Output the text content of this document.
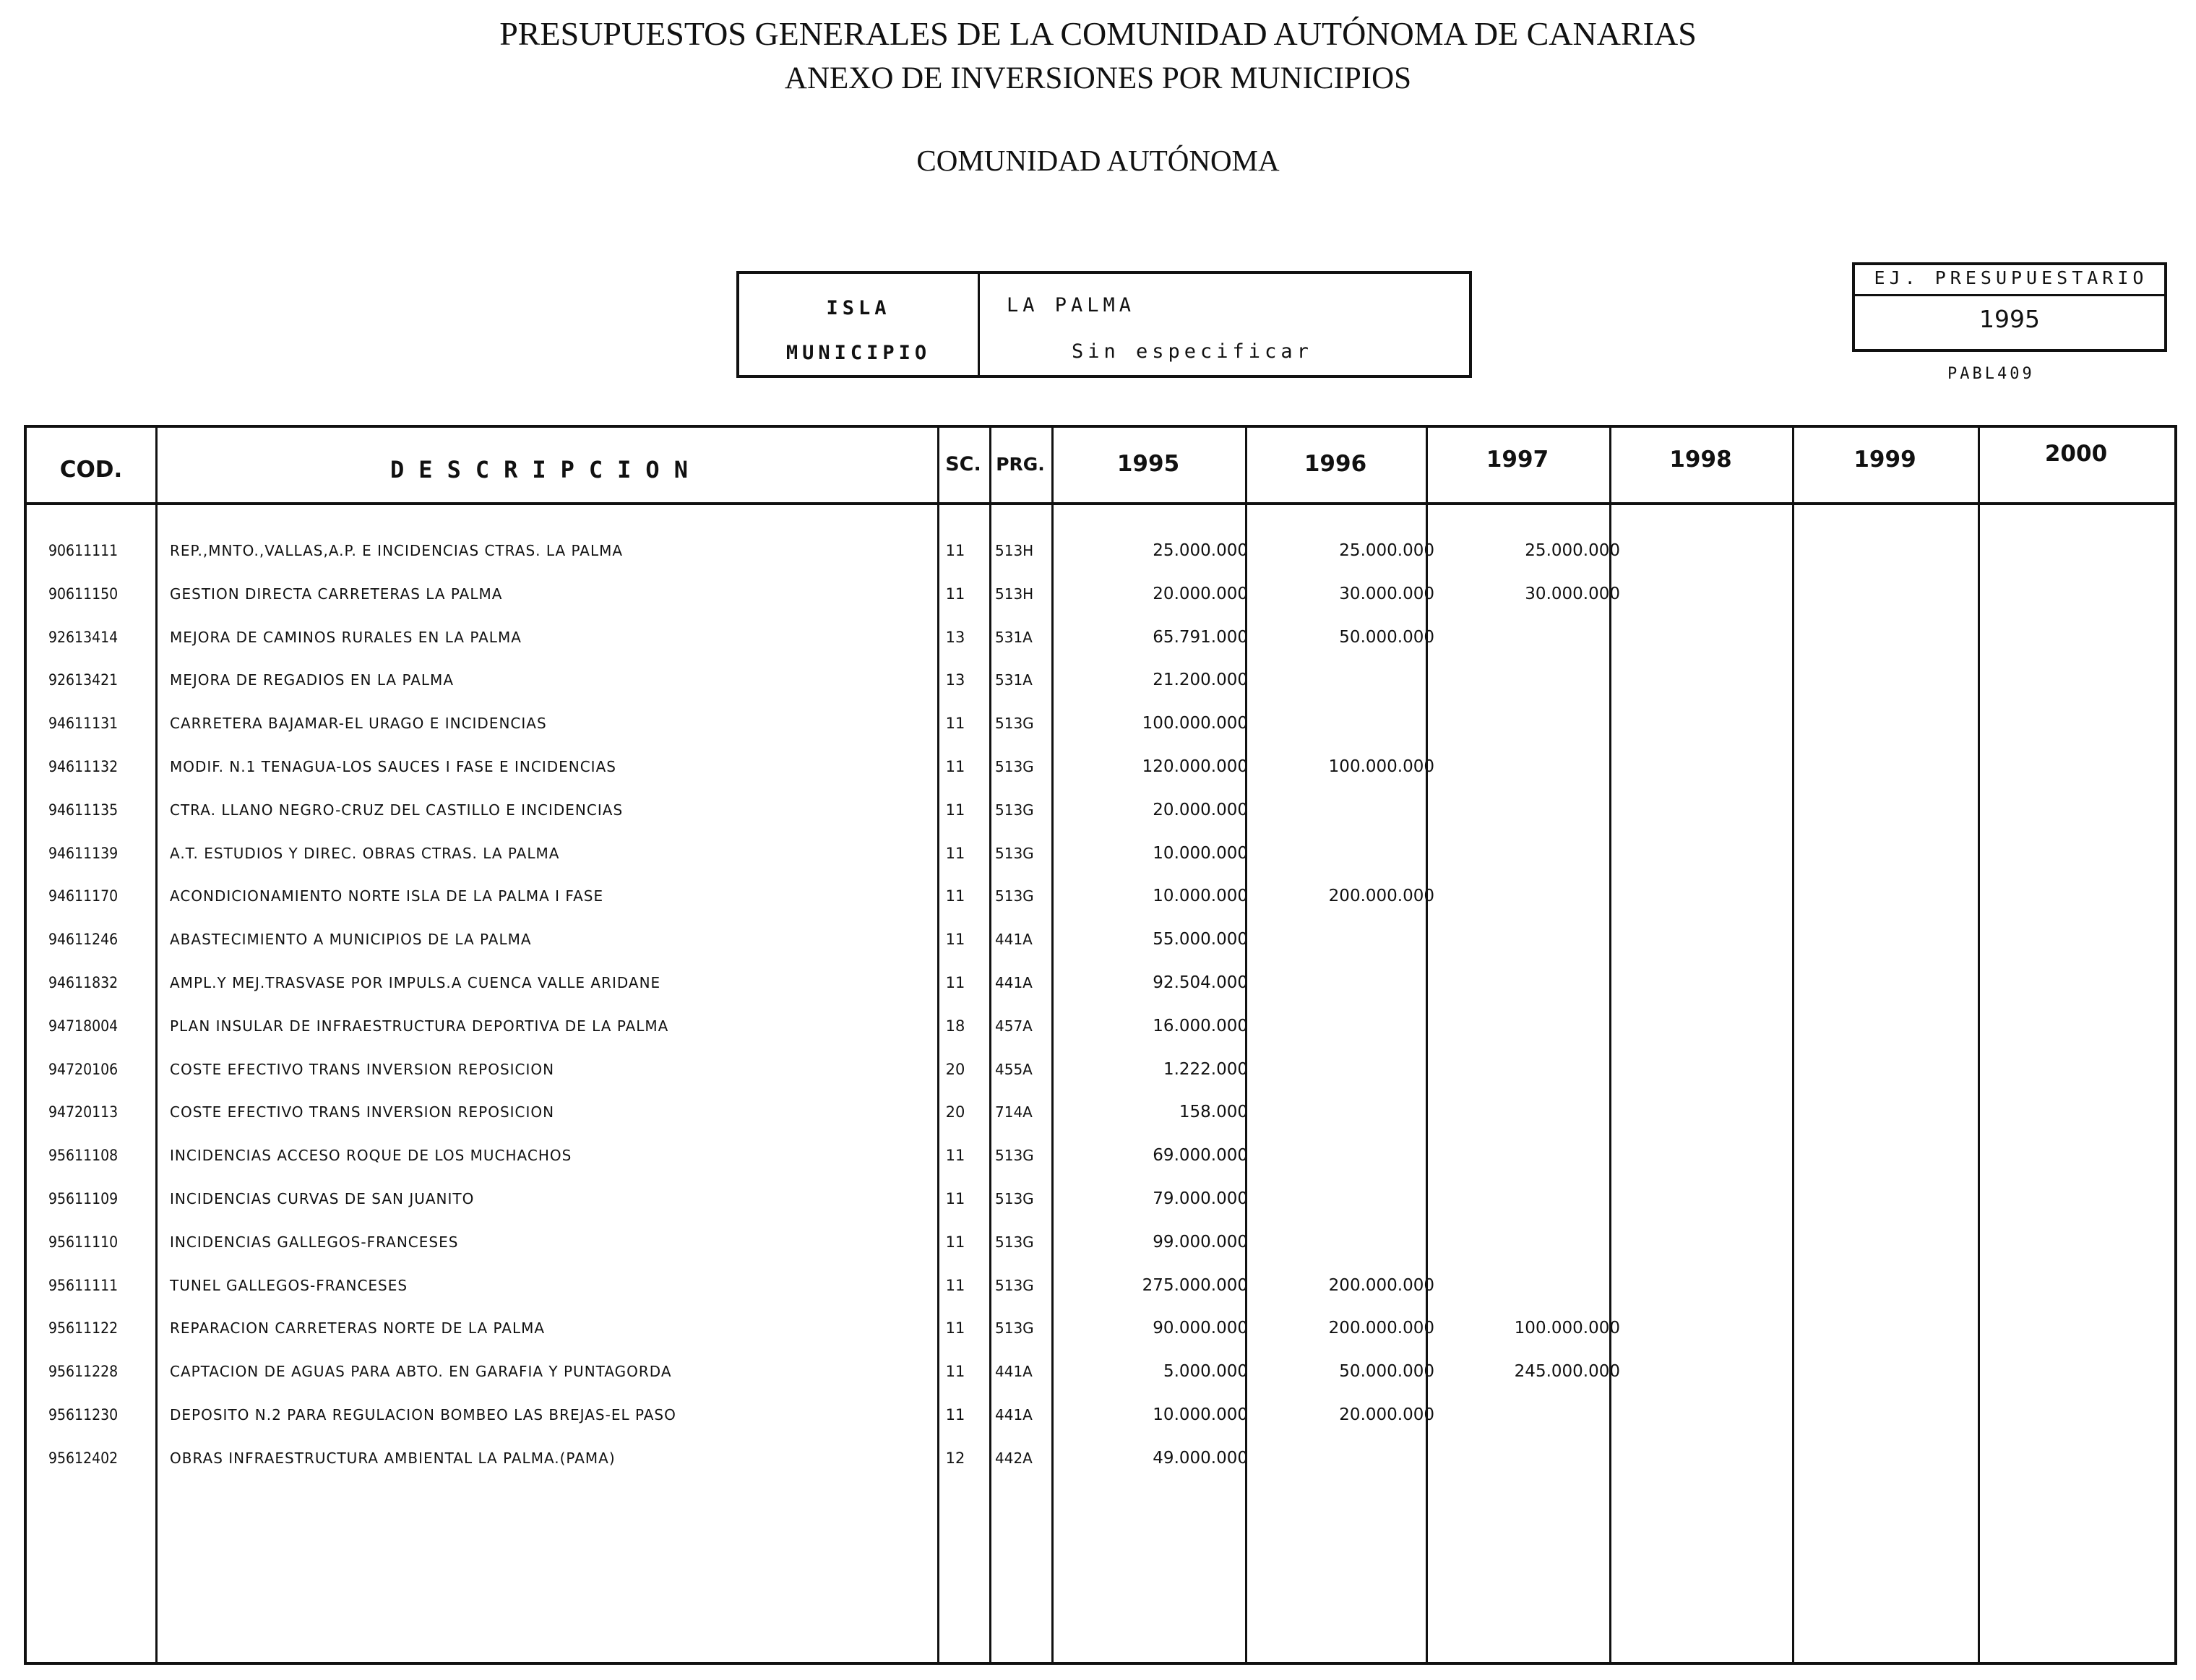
PRESUPUESTOS GENERALES DE LA COMUNIDAD AUTÓNOMA DE CANARIAS
ANEXO DE INVERSIONES POR MUNICIPIOS
COMUNIDAD AUTÓNOMA
ISLA	LA PALMA
MUNICIPIO	Sin especificar
EJ. PRESUPUESTARIO
1995
PABL409
COD.	DESCRIPCION	SC. PRG.	1995	1996	1997	1998	1999	2000
90611111	REP.,MNTO.,VALLAS,A.P. E INCIDENCIAS CTRAS. LA PALMA	11	513H	25.000.000	25.000.000	25.000.000
90611150	GESTION DIRECTA CARRETERAS LA PALMA	11	513H	20.000.000	30.000.000	30.000.000
92613414	MEJORA DE CAMINOS RURALES EN LA PALMA	13	531A	65.791.000	50.000.000
92613421	MEJORA DE REGADIOS EN LA PALMA	13	531A	21.200.000
94611131	CARRETERA BAJAMAR-EL URAGO E INCIDENCIAS	11	513G	100.000.000
94611132	MODIF. N.1 TENAGUA-LOS SAUCES I FASE E INCIDENCIAS	11	513G	120.000.000	100.000.000
94611135	CTRA. LLANO NEGRO-CRUZ DEL CASTILLO E INCIDENCIAS	11	513G	20.000.000
94611139	A.T. ESTUDIOS Y DIREC. OBRAS CTRAS. LA PALMA	11	513G	10.000.000
94611170	ACONDICIONAMIENTO NORTE ISLA DE LA PALMA I FASE	11	513G	10.000.000	200.000.000
94611246	ABASTECIMIENTO A MUNICIPIOS DE LA PALMA	11	441A	55.000.000
94611832	AMPL.Y MEJ.TRASVASE POR IMPULS.A CUENCA VALLE ARIDANE	11	441A	92.504.000
94718004	PLAN INSULAR DE INFRAESTRUCTURA DEPORTIVA DE LA PALMA	18	457A	16.000.000
94720106	COSTE EFECTIVO TRANS INVERSION REPOSICION	20	455A	1.222.000
94720113	COSTE EFECTIVO TRANS INVERSION REPOSICION	20	714A	158.000
95611108	INCIDENCIAS ACCESO ROQUE DE LOS MUCHACHOS	11	513G	69.000.000
95611109	INCIDENCIAS CURVAS DE SAN JUANITO	11	513G	79.000.000
95611110	INCIDENCIAS GALLEGOS-FRANCESES	11	513G	99.000.000
95611111	TUNEL GALLEGOS-FRANCESES	11	513G	275.000.000	200.000.000
95611122	REPARACION CARRETERAS NORTE DE LA PALMA	11	513G	90.000.000	200.000.000	100.000.000
95611228	CAPTACION DE AGUAS PARA ABTO. EN GARAFIA Y PUNTAGORDA	11	441A	5.000.000	50.000.000	245.000.000
95611230	DEPOSITO N.2 PARA REGULACION BOMBEO LAS BREJAS-EL PASO	11	441A	10.000.000	20.000.000
95612402	OBRAS INFRAESTRUCTURA AMBIENTAL LA PALMA.(PAMA)	12	442A	49.000.000
